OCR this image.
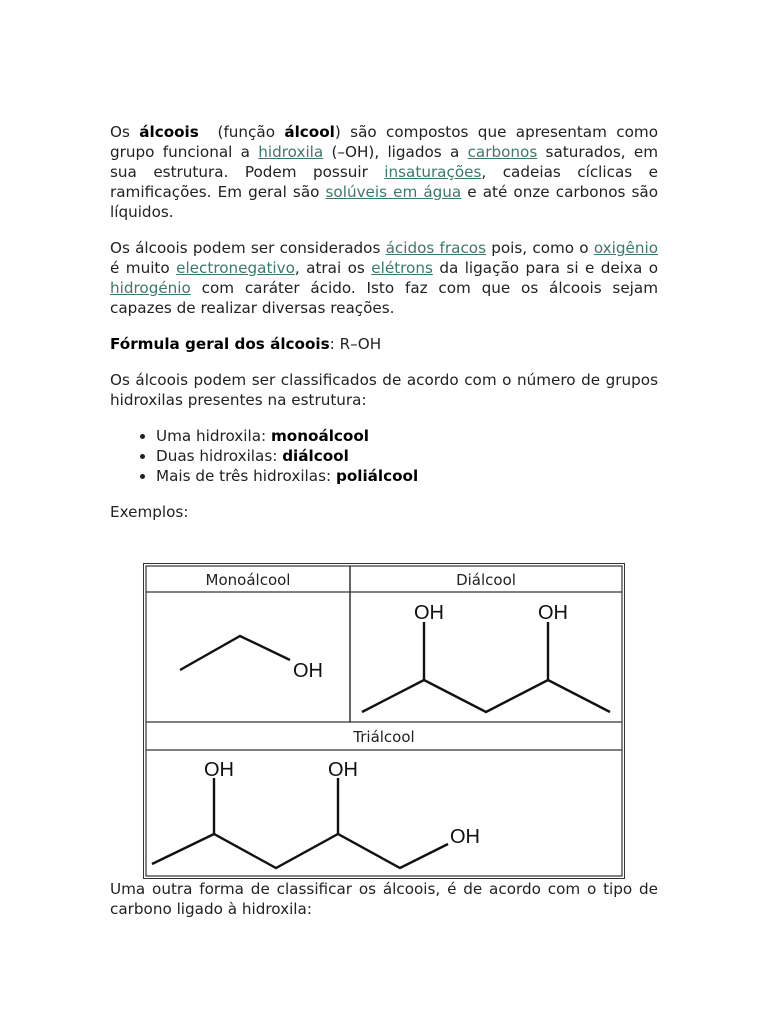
Os álcoois  (função álcool) são compostos que apresentam como grupo funcional a hidroxila (–OH), ligados a carbonos saturados, em sua estrutura. Podem possuir insaturações, cadeias cíclicas e ramificações. Em geral são solúveis em água e até onze carbonos são líquidos.

Os álcoois podem ser considerados ácidos fracos pois, como o oxigênio é muito electronegativo, atrai os elétrons da ligação para si e deixa o hidrogénio com caráter ácido. Isto faz com que os álcoois sejam capazes de realizar diversas reações.

Fórmula geral dos álcoois: R–OH

Os álcoois podem ser classificados de acordo com o número de grupos hidroxilas presentes na estrutura:

• Uma hidroxila: monoálcool
• Duas hidroxilas: diálcool
• Mais de três hidroxilas: poliálcool

Exemplos:

Monoálcool	Diálcool
Triálcool
OH
OH	OH
OH	OH
OH

Uma outra forma de classificar os álcoois, é de acordo com o tipo de carbono ligado à hidroxila:
